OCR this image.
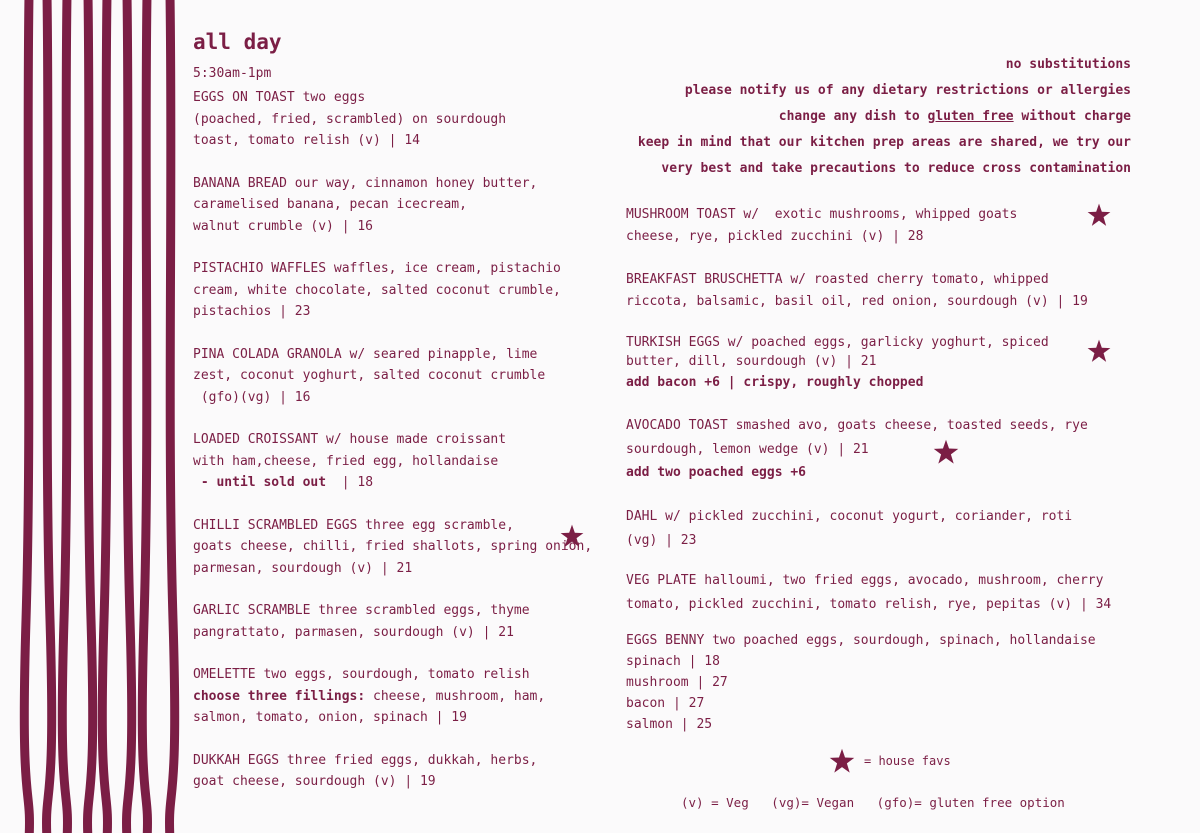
all day
5:30am-1pm
EGGS ON TOAST two eggs
(poached, fried, scrambled) on sourdough
toast, tomato relish (v) | 14
BANANA BREAD our way, cinnamon honey butter,
caramelised banana, pecan icecream,
walnut crumble (v) | 16
PISTACHIO WAFFLES waffles, ice cream, pistachio
cream, white chocolate, salted coconut crumble,
pistachios | 23
PINA COLADA GRANOLA w/ seared pinapple, lime
zest, coconut yoghurt, salted coconut crumble
(gfo)(vg) | 16
LOADED CROISSANT w/ house made croissant
with ham,cheese, fried egg, hollandaise
- until sold out  | 18
CHILLI SCRAMBLED EGGS three egg scramble,
goats cheese, chilli, fried shallots, spring onion,
parmesan, sourdough (v) | 21
GARLIC SCRAMBLE three scrambled eggs, thyme
pangrattato, parmasen, sourdough (v) | 21
OMELETTE two eggs, sourdough, tomato relish
choose three fillings: cheese, mushroom, ham,
salmon, tomato, onion, spinach | 19
DUKKAH EGGS three fried eggs, dukkah, herbs,
goat cheese, sourdough (v) | 19
no substitutions
please notify us of any dietary restrictions or allergies
change any dish to gluten free without charge
keep in mind that our kitchen prep areas are shared, we try our
very best and take precautions to reduce cross contamination
MUSHROOM TOAST w/  exotic mushrooms, whipped goats
cheese, rye, pickled zucchini (v) | 28
BREAKFAST BRUSCHETTA w/ roasted cherry tomato, whipped
riccota, balsamic, basil oil, red onion, sourdough (v) | 19
TURKISH EGGS w/ poached eggs, garlicky yoghurt, spiced
butter, dill, sourdough (v) | 21
add bacon +6 | crispy, roughly chopped
AVOCADO TOAST smashed avo, goats cheese, toasted seeds, rye
sourdough, lemon wedge (v) | 21
add two poached eggs +6
DAHL w/ pickled zucchini, coconut yogurt, coriander, roti
(vg) | 23
VEG PLATE halloumi, two fried eggs, avocado, mushroom, cherry
tomato, pickled zucchini, tomato relish, rye, pepitas (v) | 34
EGGS BENNY two poached eggs, sourdough, spinach, hollandaise
spinach | 18
mushroom | 27
bacon | 27
salmon | 25
= house favs
(v) = Veg   (vg)= Vegan   (gfo)= gluten free option
